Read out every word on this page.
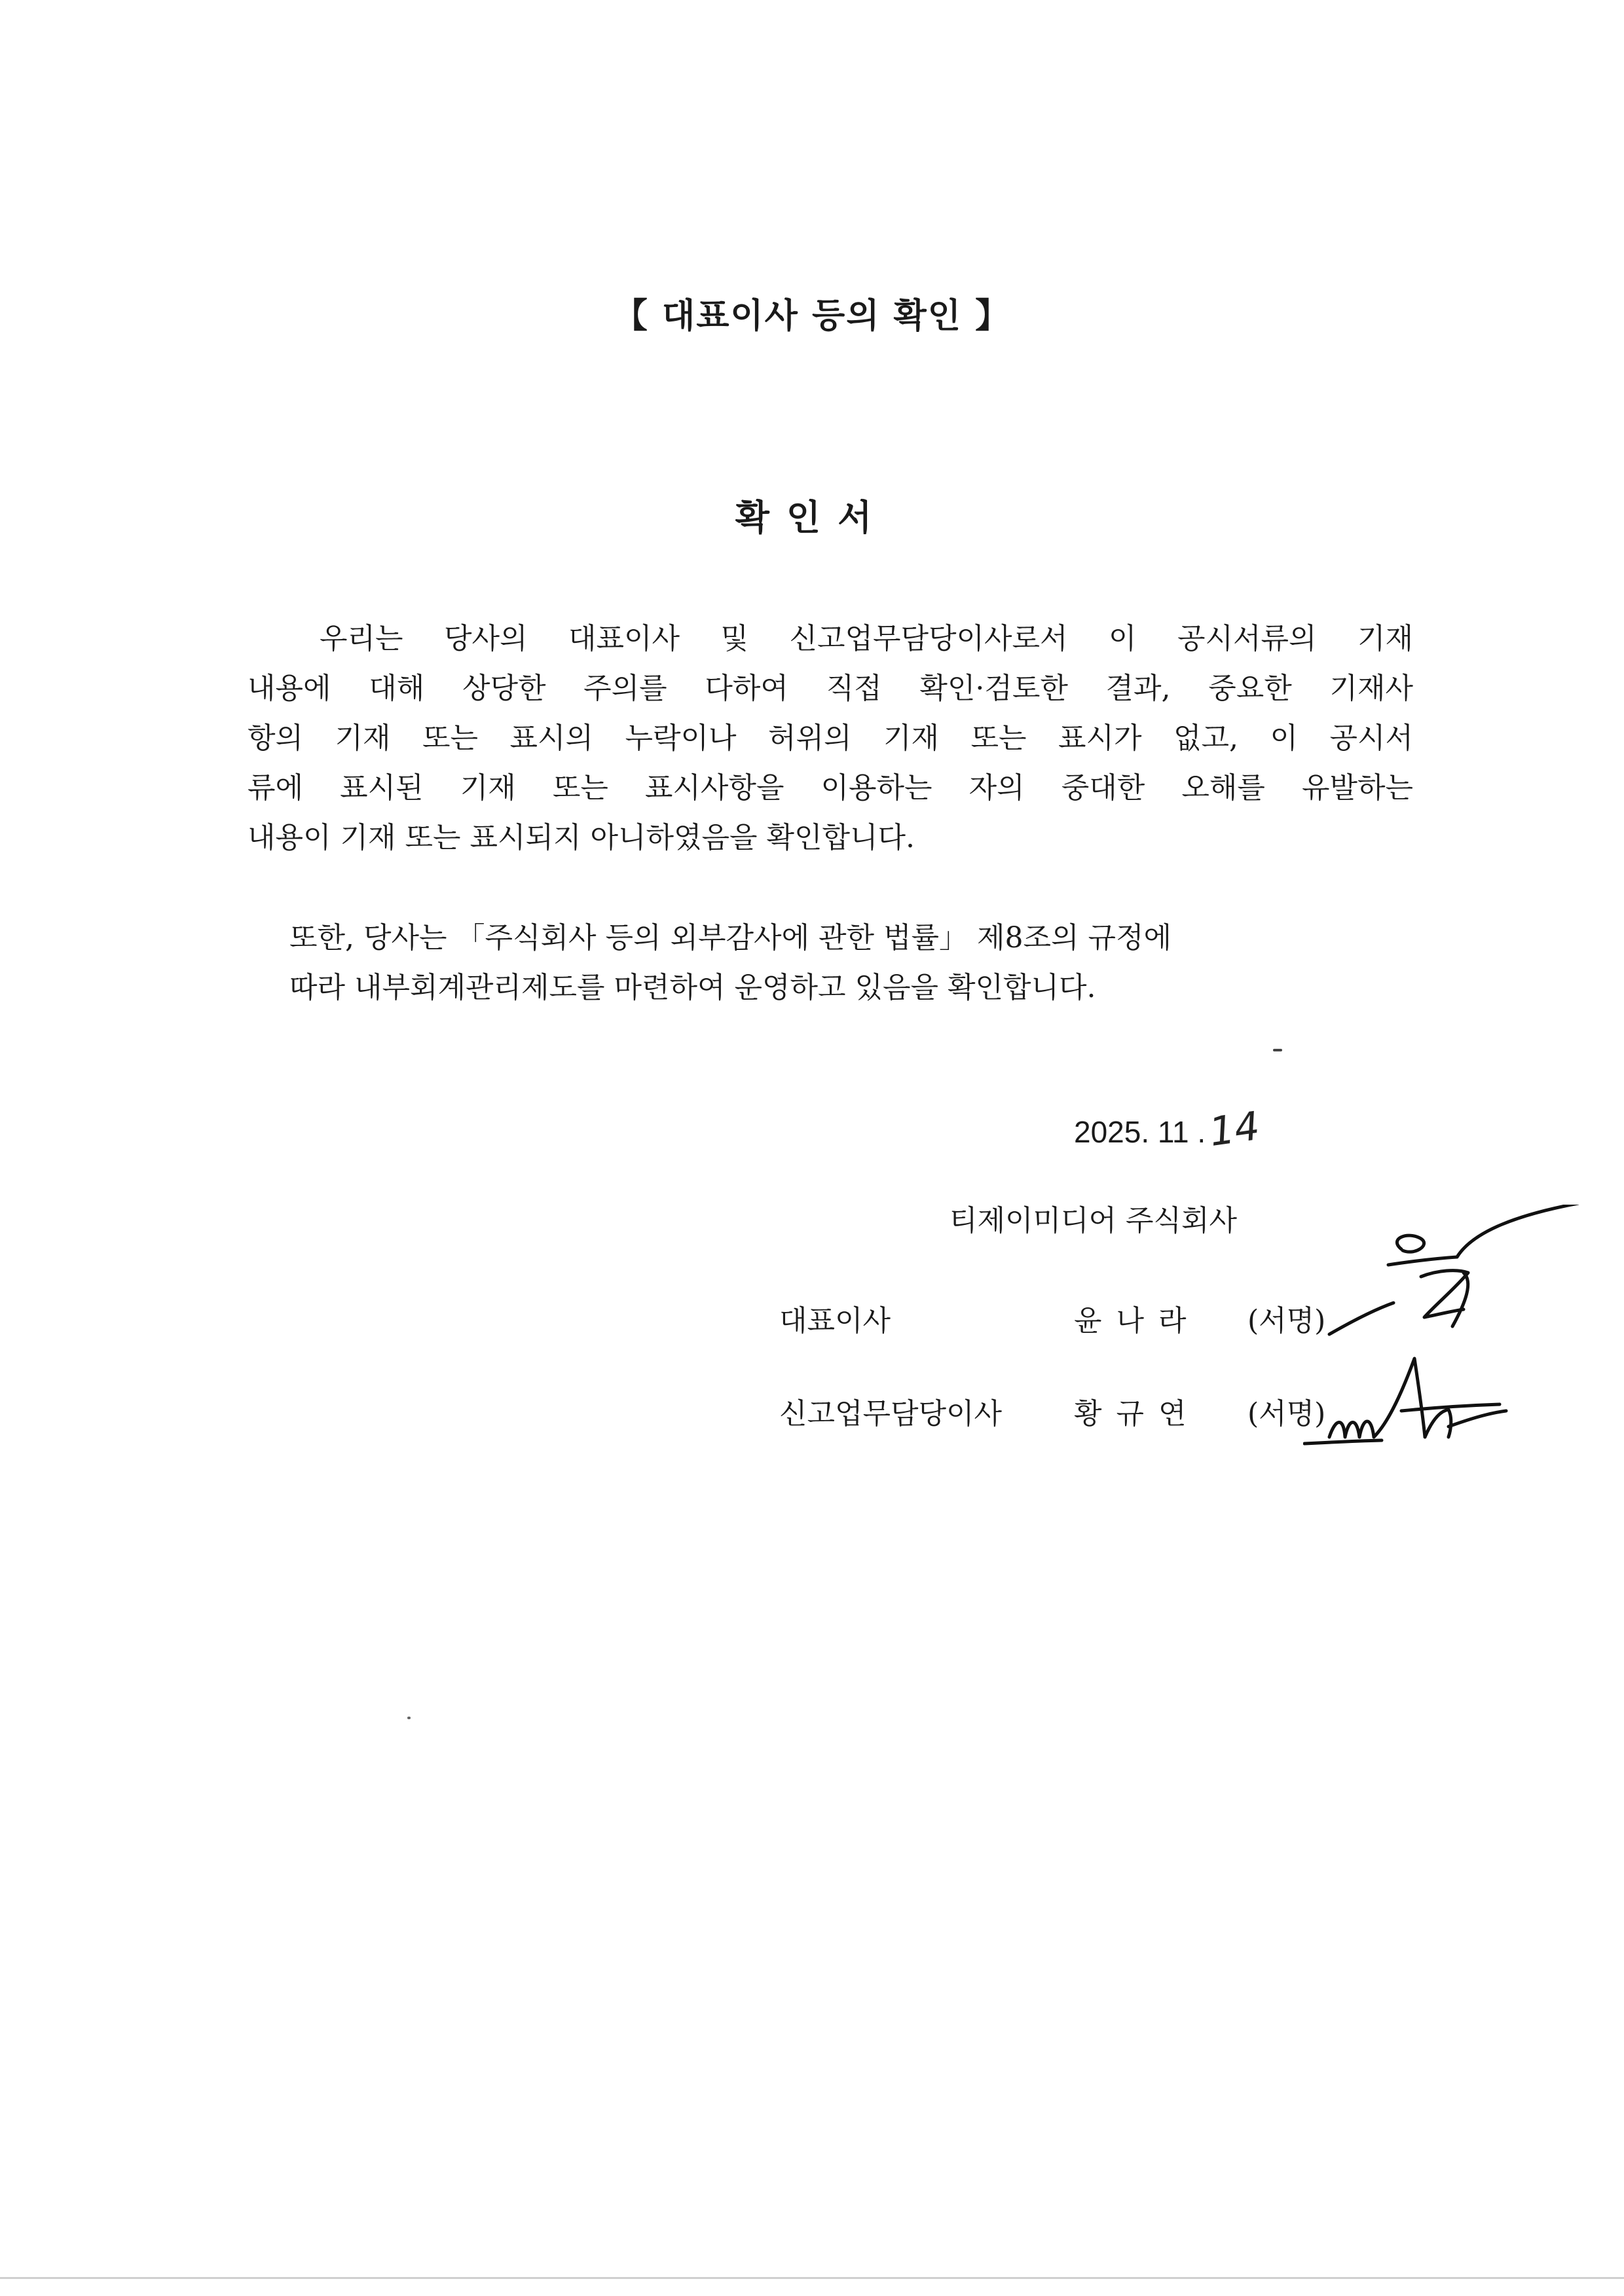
【 대표이사 등의 확인 】
확인서
우리는 당사의 대표이사 및 신고업무담당이사로서 이 공시서류의 기재
내용에 대해 상당한 주의를 다하여 직접 확인·검토한 결과, 중요한 기재사
항의 기재 또는 표시의 누락이나 허위의 기재 또는 표시가 없고, 이 공시서
류에 표시된 기재 또는 표시사항을 이용하는 자의 중대한 오해를 유발하는
내용이 기재 또는 표시되지 아니하였음을 확인합니다.
또한, 당사는 「주식회사 등의 외부감사에 관한 법률」 제8조의 규정에
따라 내부회계관리제도를 마련하여 운영하고 있음을 확인합니다.
2025. 11 .14
티제이미디어 주식회사
대표이사	윤나라 (서명)
신고업무담당이사 황규연 (서명)
